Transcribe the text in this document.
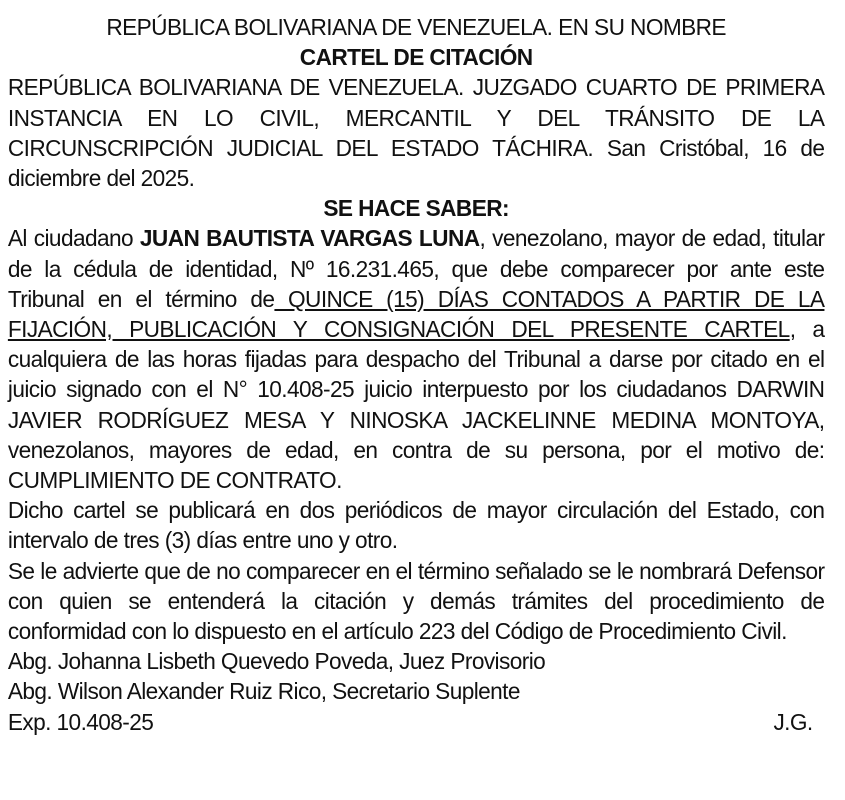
REPÚBLICA BOLIVARIANA DE VENEZUELA. EN SU NOMBRE
CARTEL DE CITACIÓN
REPÚBLICA BOLIVARIANA DE VENEZUELA. JUZGADO CUARTO DE PRIMERA INSTANCIA EN LO CIVIL, MERCANTIL Y DEL TRÁNSITO DE LA CIRCUNSCRIPCIÓN JUDICIAL DEL ESTADO TÁCHIRA. San Cristóbal, 16 de diciembre del 2025.
SE HACE SABER:
Al ciudadano JUAN BAUTISTA VARGAS LUNA, venezolano, mayor de edad, titular de la cédula de identidad, Nº 16.231.465, que debe comparecer por ante este Tribunal en el término de QUINCE (15) DÍAS CONTADOS A PARTIR DE LA FIJACIÓN, PUBLICACIÓN Y CONSIGNACIÓN DEL PRESENTE CARTEL, a cualquiera de las horas fijadas para despacho del Tribunal a darse por citado en el juicio signado con el N° 10.408-25 juicio interpuesto por los ciudadanos DARWIN JAVIER RODRÍGUEZ MESA Y NINOSKA JACKELINNE MEDINA MONTOYA, venezolanos, mayores de edad, en contra de su persona, por el motivo de: CUMPLIMIENTO DE CONTRATO.
Dicho cartel se publicará en dos periódicos de mayor circulación del Estado, con intervalo de tres (3) días entre uno y otro.
Se le advierte que de no comparecer en el término señalado se le nombrará Defensor con quien se entenderá la citación y demás trámites del procedimiento de conformidad con lo dispuesto en el artículo 223 del Código de Procedimiento Civil.
Abg. Johanna Lisbeth Quevedo Poveda, Juez Provisorio
Abg. Wilson Alexander Ruiz Rico, Secretario Suplente
Exp. 10.408-25	J.G.
